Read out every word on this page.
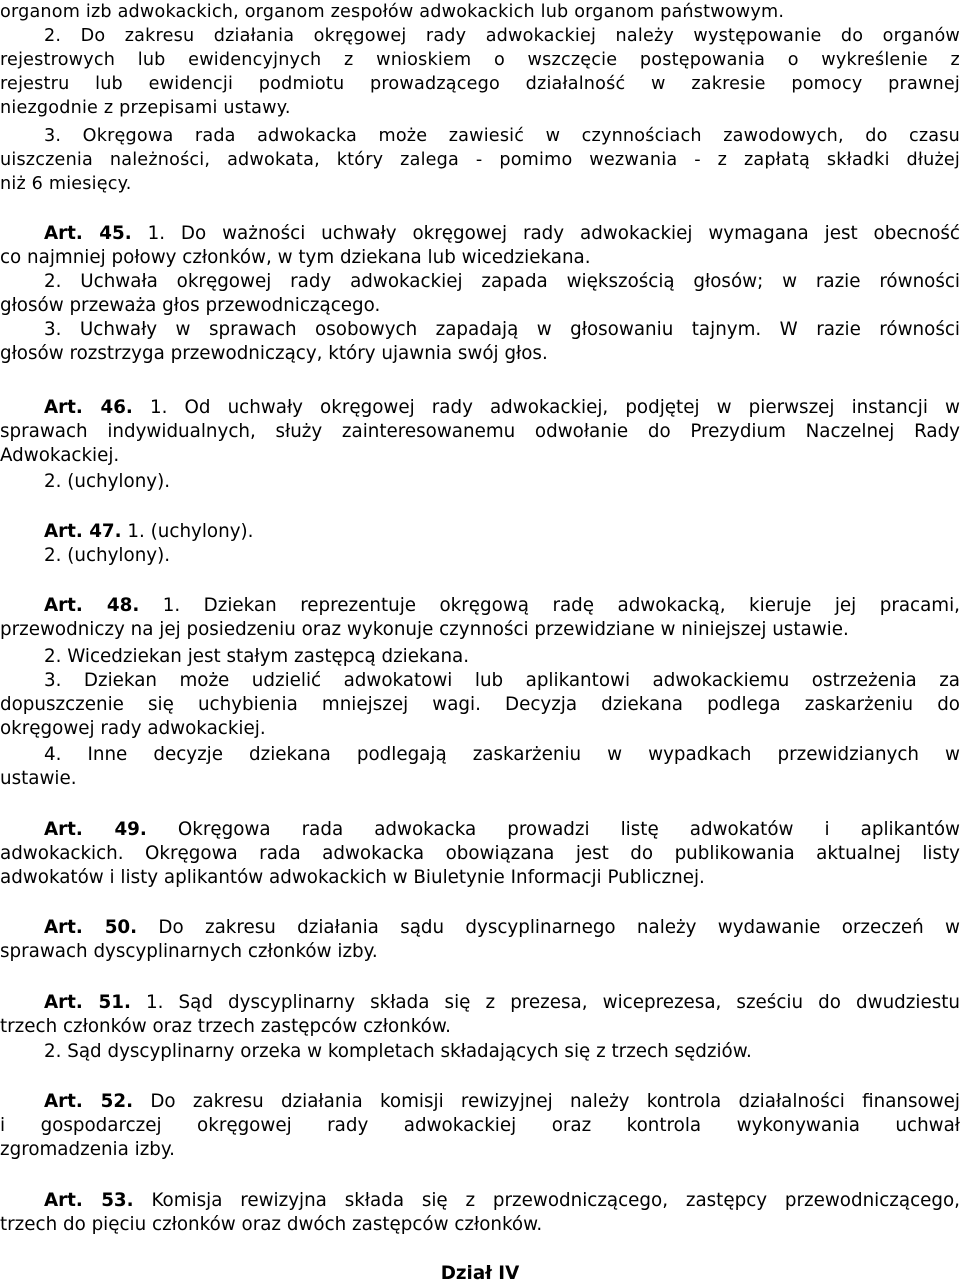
organom izb adwokackich, organom zespołów adwokackich lub organom państwowym.
2. Do zakresu działania okręgowej rady adwokackiej należy występowanie do organów
rejestrowych lub ewidencyjnych z wnioskiem o wszczęcie postępowania o wykreślenie z
rejestru lub ewidencji podmiotu prowadzącego działalność w zakresie pomocy prawnej
niezgodnie z przepisami ustawy.
3. Okręgowa rada adwokacka może zawiesić w czynnościach zawodowych, do czasu
uiszczenia należności, adwokata, który zalega - pomimo wezwania - z zapłatą składki dłużej
niż 6 miesięcy.
Art. 45. 1. Do ważności uchwały okręgowej rady adwokackiej wymagana jest obecność
co najmniej połowy członków, w tym dziekana lub wicedziekana.
2. Uchwała okręgowej rady adwokackiej zapada większością głosów; w razie równości
głosów przeważa głos przewodniczącego.
3. Uchwały w sprawach osobowych zapadają w głosowaniu tajnym. W razie równości
głosów rozstrzyga przewodniczący, który ujawnia swój głos.
Art. 46. 1. Od uchwały okręgowej rady adwokackiej, podjętej w pierwszej instancji w
sprawach indywidualnych, służy zainteresowanemu odwołanie do Prezydium Naczelnej Rady
Adwokackiej.
2. (uchylony).
Art. 47. 1. (uchylony).
2. (uchylony).
Art. 48. 1. Dziekan reprezentuje okręgową radę adwokacką, kieruje jej pracami,
przewodniczy na jej posiedzeniu oraz wykonuje czynności przewidziane w niniejszej ustawie.
2. Wicedziekan jest stałym zastępcą dziekana.
3. Dziekan może udzielić adwokatowi lub aplikantowi adwokackiemu ostrzeżenia za
dopuszczenie się uchybienia mniejszej wagi. Decyzja dziekana podlega zaskarżeniu do
okręgowej rady adwokackiej.
4. Inne decyzje dziekana podlegają zaskarżeniu w wypadkach przewidzianych w
ustawie.
Art. 49. Okręgowa rada adwokacka prowadzi listę adwokatów i aplikantów
adwokackich. Okręgowa rada adwokacka obowiązana jest do publikowania aktualnej listy
adwokatów i listy aplikantów adwokackich w Biuletynie Informacji Publicznej.
Art. 50. Do zakresu działania sądu dyscyplinarnego należy wydawanie orzeczeń w
sprawach dyscyplinarnych członków izby.
Art. 51. 1. Sąd dyscyplinarny składa się z prezesa, wiceprezesa, sześciu do dwudziestu
trzech członków oraz trzech zastępców członków.
2. Sąd dyscyplinarny orzeka w kompletach składających się z trzech sędziów.
Art. 52. Do zakresu działania komisji rewizyjnej należy kontrola działalności finansowej
i gospodarczej okręgowej rady adwokackiej oraz kontrola wykonywania uchwał
zgromadzenia izby.
Art. 53. Komisja rewizyjna składa się z przewodniczącego, zastępcy przewodniczącego,
trzech do pięciu członków oraz dwóch zastępców członków.
Dział IV
